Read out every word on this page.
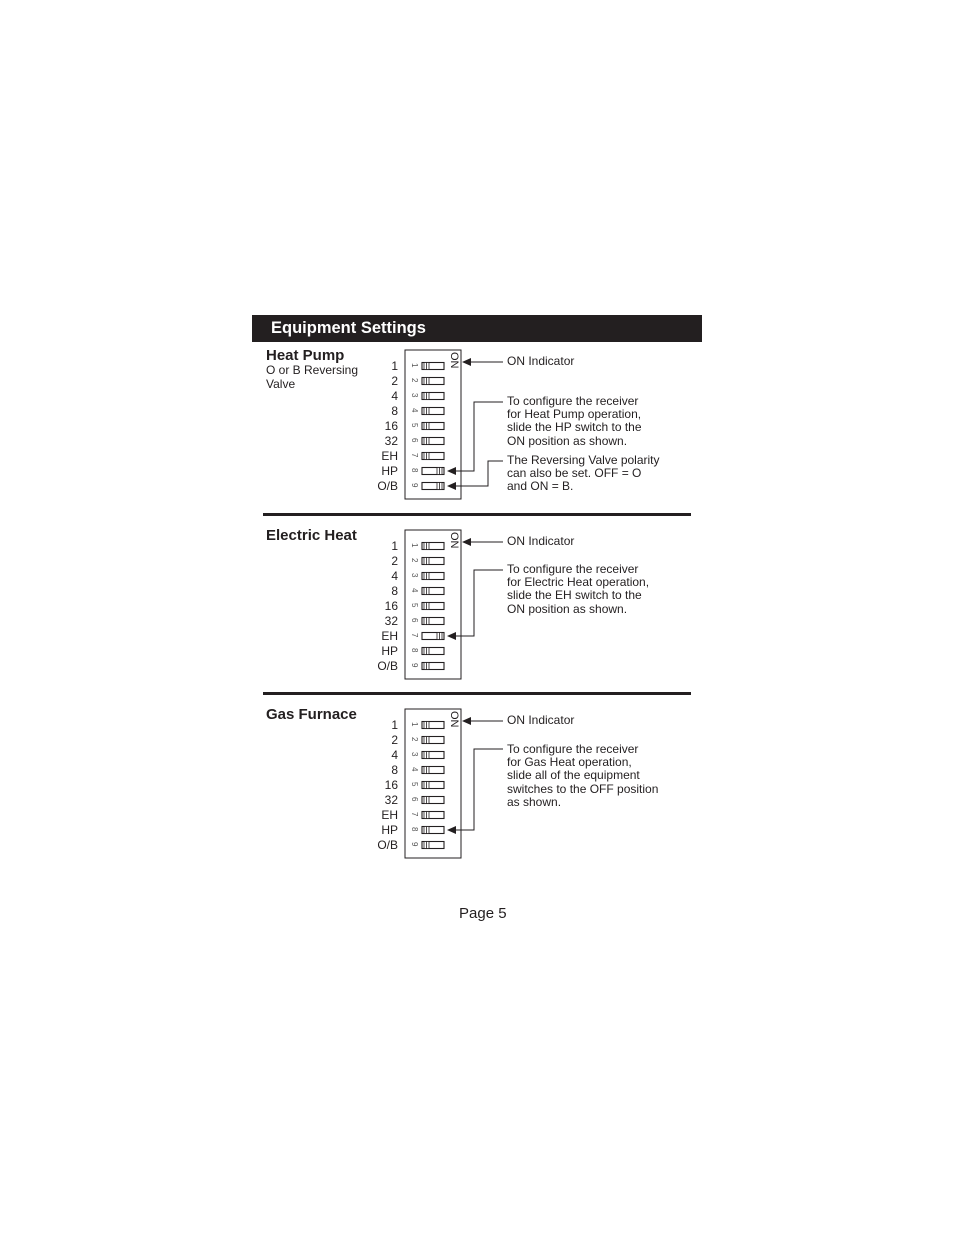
Equipment Settings
Heat Pump
O or B Reversing
Valve
ON Indicator
To configure the receiver
for Heat Pump operation,
slide the HP switch to the
ON position as shown.
The Reversing Valve polarity
can also be set. OFF = O
and ON = B.
ON
1 1
2 2
4 3
8 4
16 5
32 6
EH 7
HP 8
O/B 9
Electric Heat	ON Indicator
To configure the receiver
for Electric Heat operation,
slide the EH switch to the
ON position as shown.
ON
1 1
2 2
4 3
8 4
16 5
32 6
EH 7
HP 8
O/B 9
Gas Furnace	ON Indicator
To configure the receiver
for Gas Heat operation,
slide all of the equipment
switches to the OFF position
as shown.
ON
1 1
2 2
4 3
8 4
16 5
32 6
EH 7
HP 8
O/B 9
Page 5
